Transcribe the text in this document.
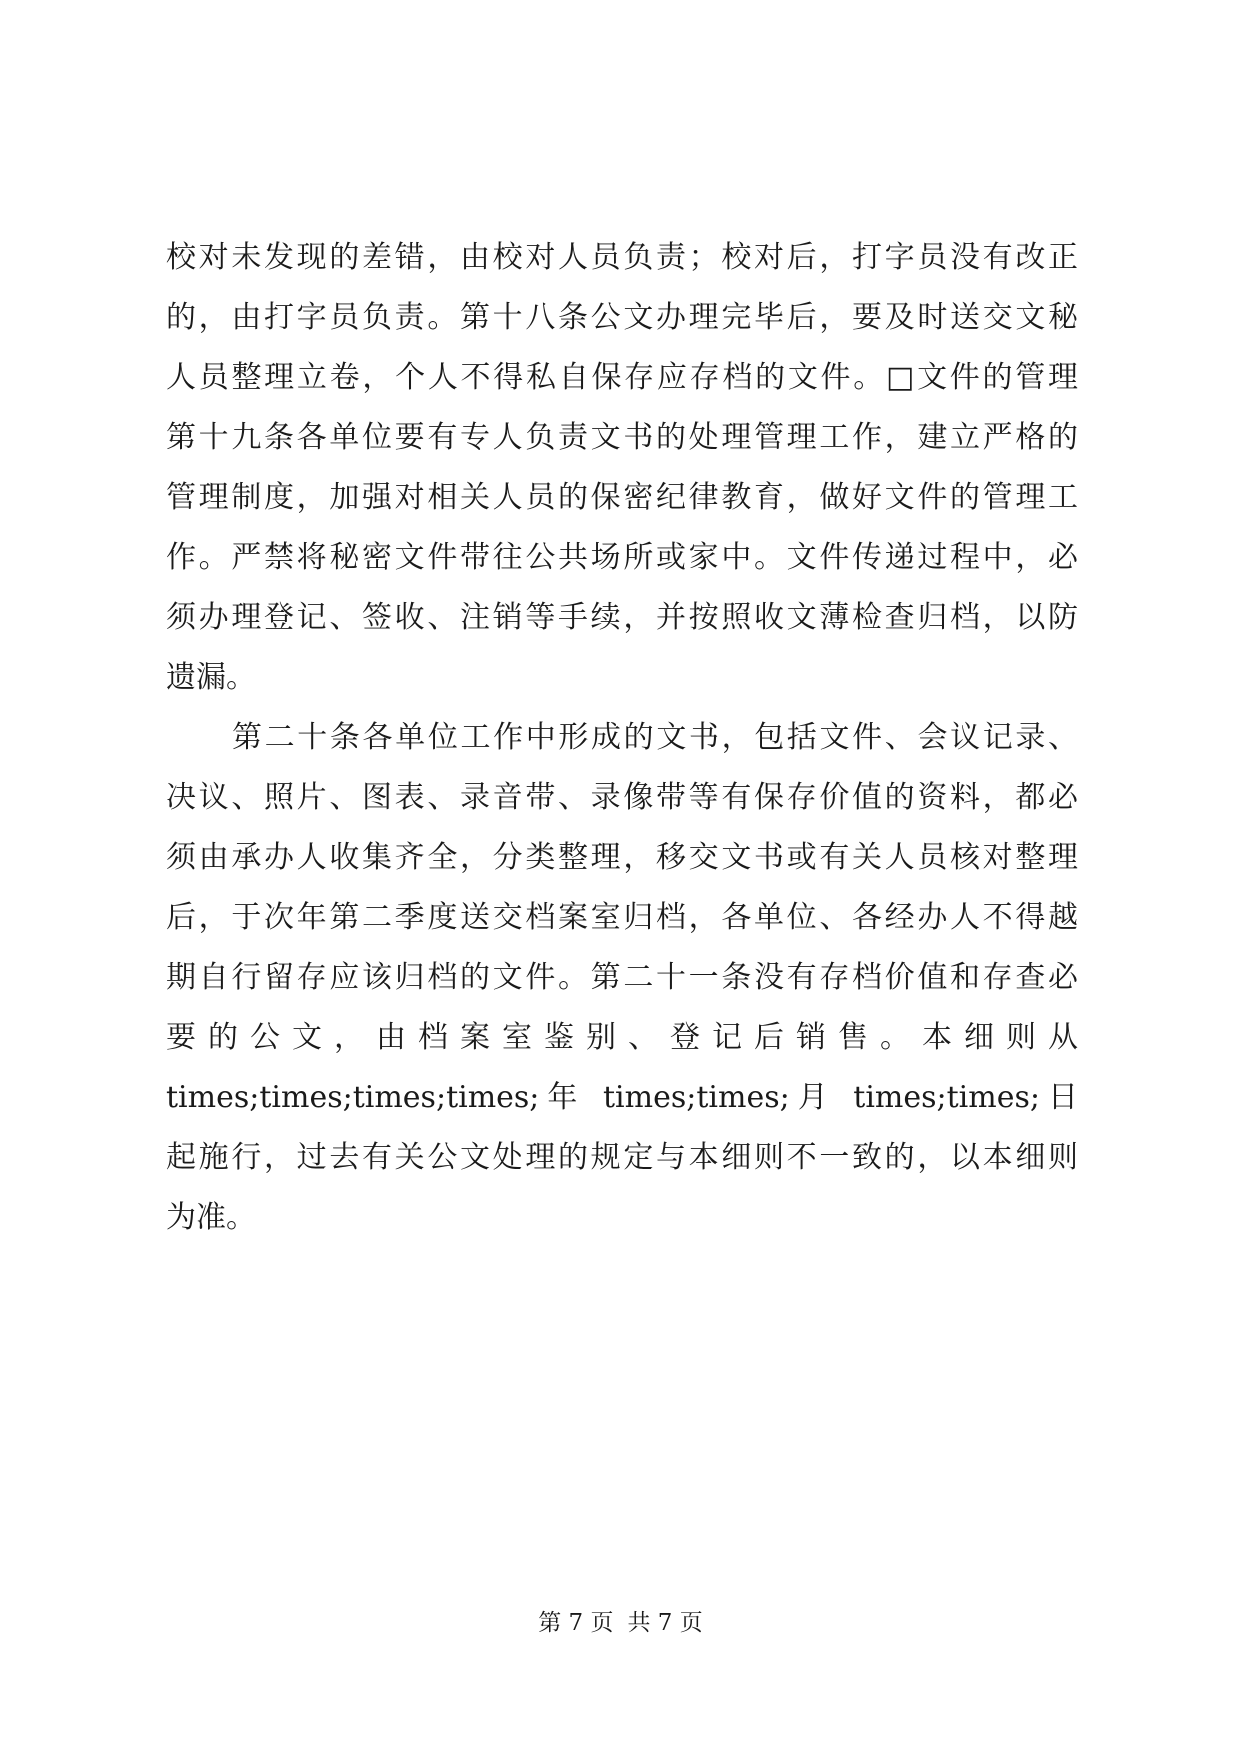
校对未发现的差错，由校对人员负责；校对后，打字员没有改正
的，由打字员负责。第十八条公文办理完毕后，要及时送交文秘
人员整理立卷，个人不得私自保存应存档的文件。□文件的管理
第十九条各单位要有专人负责文书的处理管理工作，建立严格的
管理制度，加强对相关人员的保密纪律教育，做好文件的管理工
作。严禁将秘密文件带往公共场所或家中。文件传递过程中，必
须办理登记、签收、注销等手续，并按照收文薄检查归档，以防
遗漏。
第二十条各单位工作中形成的文书，包括文件、会议记录、
决议、照片、图表、录音带、录像带等有保存价值的资料，都必
须由承办人收集齐全，分类整理，移交文书或有关人员核对整理
后，于次年第二季度送交档案室归档，各单位、各经办人不得越
期自行留存应该归档的文件。第二十一条没有存档价值和存查必
要的公文，由档案室鉴别、登记后销售。本细则从
times;times;times;times;年 times;times;月 times;times;日
起施行，过去有关公文处理的规定与本细则不一致的，以本细则
为准。
第 7 页 共 7 页
